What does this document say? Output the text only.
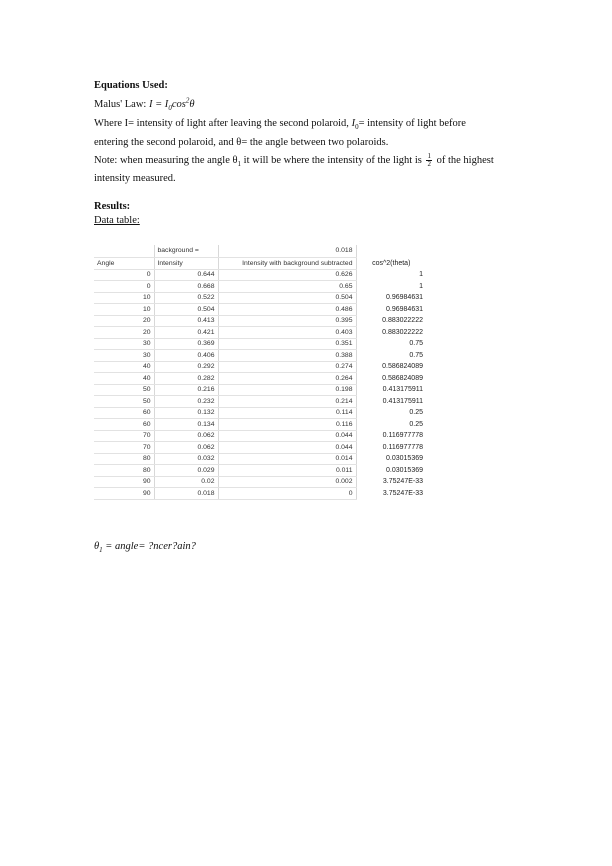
Equations Used:
Malus' Law: $I = I_0\cos^2\theta$
Where I= intensity of light after leaving the second polaroid, $I_0=$ intensity of light before
entering the second polaroid, and θ= the angle between two polaroids.
Note: when measuring the angle $\theta_1$ it will be where the intensity of the light is $\frac{1}{2}$ of the highest
intensity measured.
Results:
Data table:
	background =	0.018	
Angle	Intensity	Intensity with background subtracted	cos^2(theta)
0	0.644	0.626	1
0	0.668	0.65	1
10	0.522	0.504	0.96984631
10	0.504	0.486	0.96984631
20	0.413	0.395	0.883022222
20	0.421	0.403	0.883022222
30	0.369	0.351	0.75
30	0.406	0.388	0.75
40	0.292	0.274	0.586824089
40	0.282	0.264	0.586824089
50	0.216	0.198	0.413175911
50	0.232	0.214	0.413175911
60	0.132	0.114	0.25
60	0.134	0.116	0.25
70	0.062	0.044	0.116977778
70	0.062	0.044	0.116977778
80	0.032	0.014	0.03015369
80	0.029	0.011	0.03015369
90	0.02	0.002	3.75247E-33
90	0.018	0	3.75247E-33
$\theta_1$ = angle= ?ncer?ain?
